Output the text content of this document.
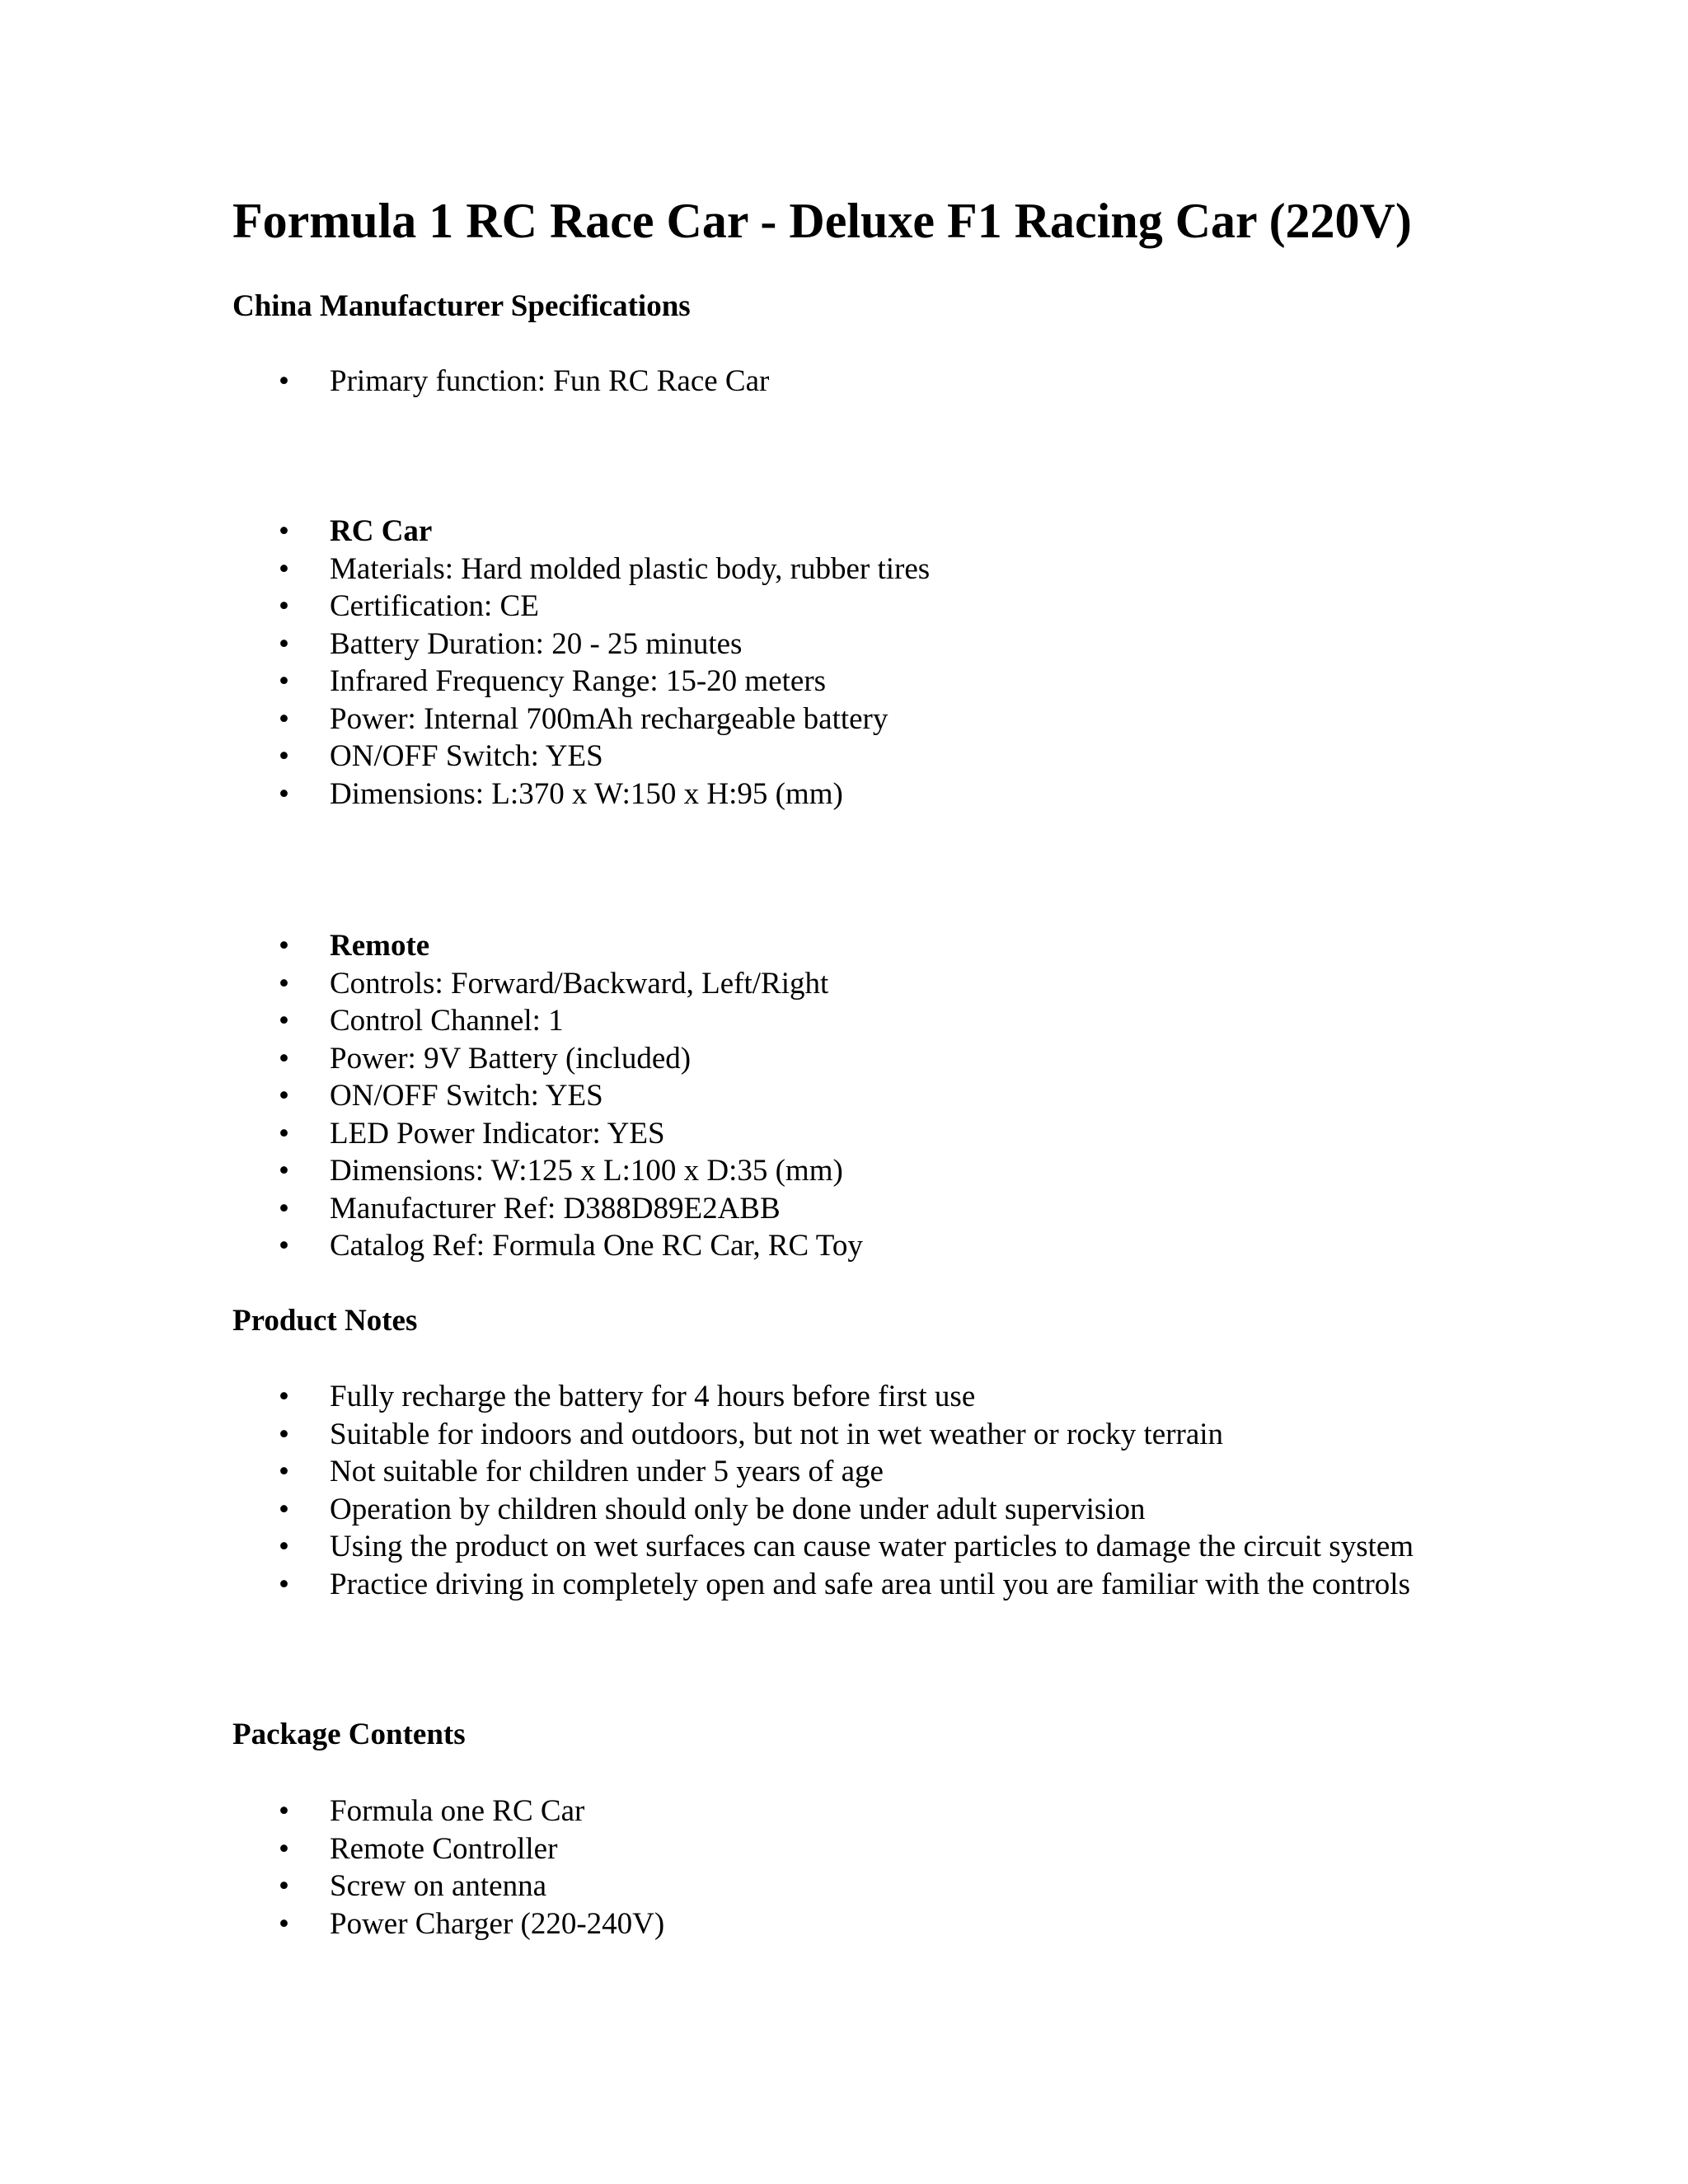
Formula 1 RC Race Car - Deluxe F1 Racing Car (220V)
China Manufacturer Specifications
• Primary function: Fun RC Race Car
• RC Car
• Materials: Hard molded plastic body, rubber tires
• Certification: CE
• Battery Duration: 20 - 25 minutes
• Infrared Frequency Range: 15-20 meters
• Power: Internal 700mAh rechargeable battery
• ON/OFF Switch: YES
• Dimensions: L:370 x W:150 x H:95 (mm)
• Remote
• Controls: Forward/Backward, Left/Right
• Control Channel: 1
• Power: 9V Battery (included)
• ON/OFF Switch: YES
• LED Power Indicator: YES
• Dimensions: W:125 x L:100 x D:35 (mm)
• Manufacturer Ref: D388D89E2ABB
• Catalog Ref: Formula One RC Car, RC Toy
Product Notes
• Fully recharge the battery for 4 hours before first use
• Suitable for indoors and outdoors, but not in wet weather or rocky terrain
• Not suitable for children under 5 years of age
• Operation by children should only be done under adult supervision
• Using the product on wet surfaces can cause water particles to damage the circuit system
• Practice driving in completely open and safe area until you are familiar with the controls
Package Contents
• Formula one RC Car
• Remote Controller
• Screw on antenna
• Power Charger (220-240V)
